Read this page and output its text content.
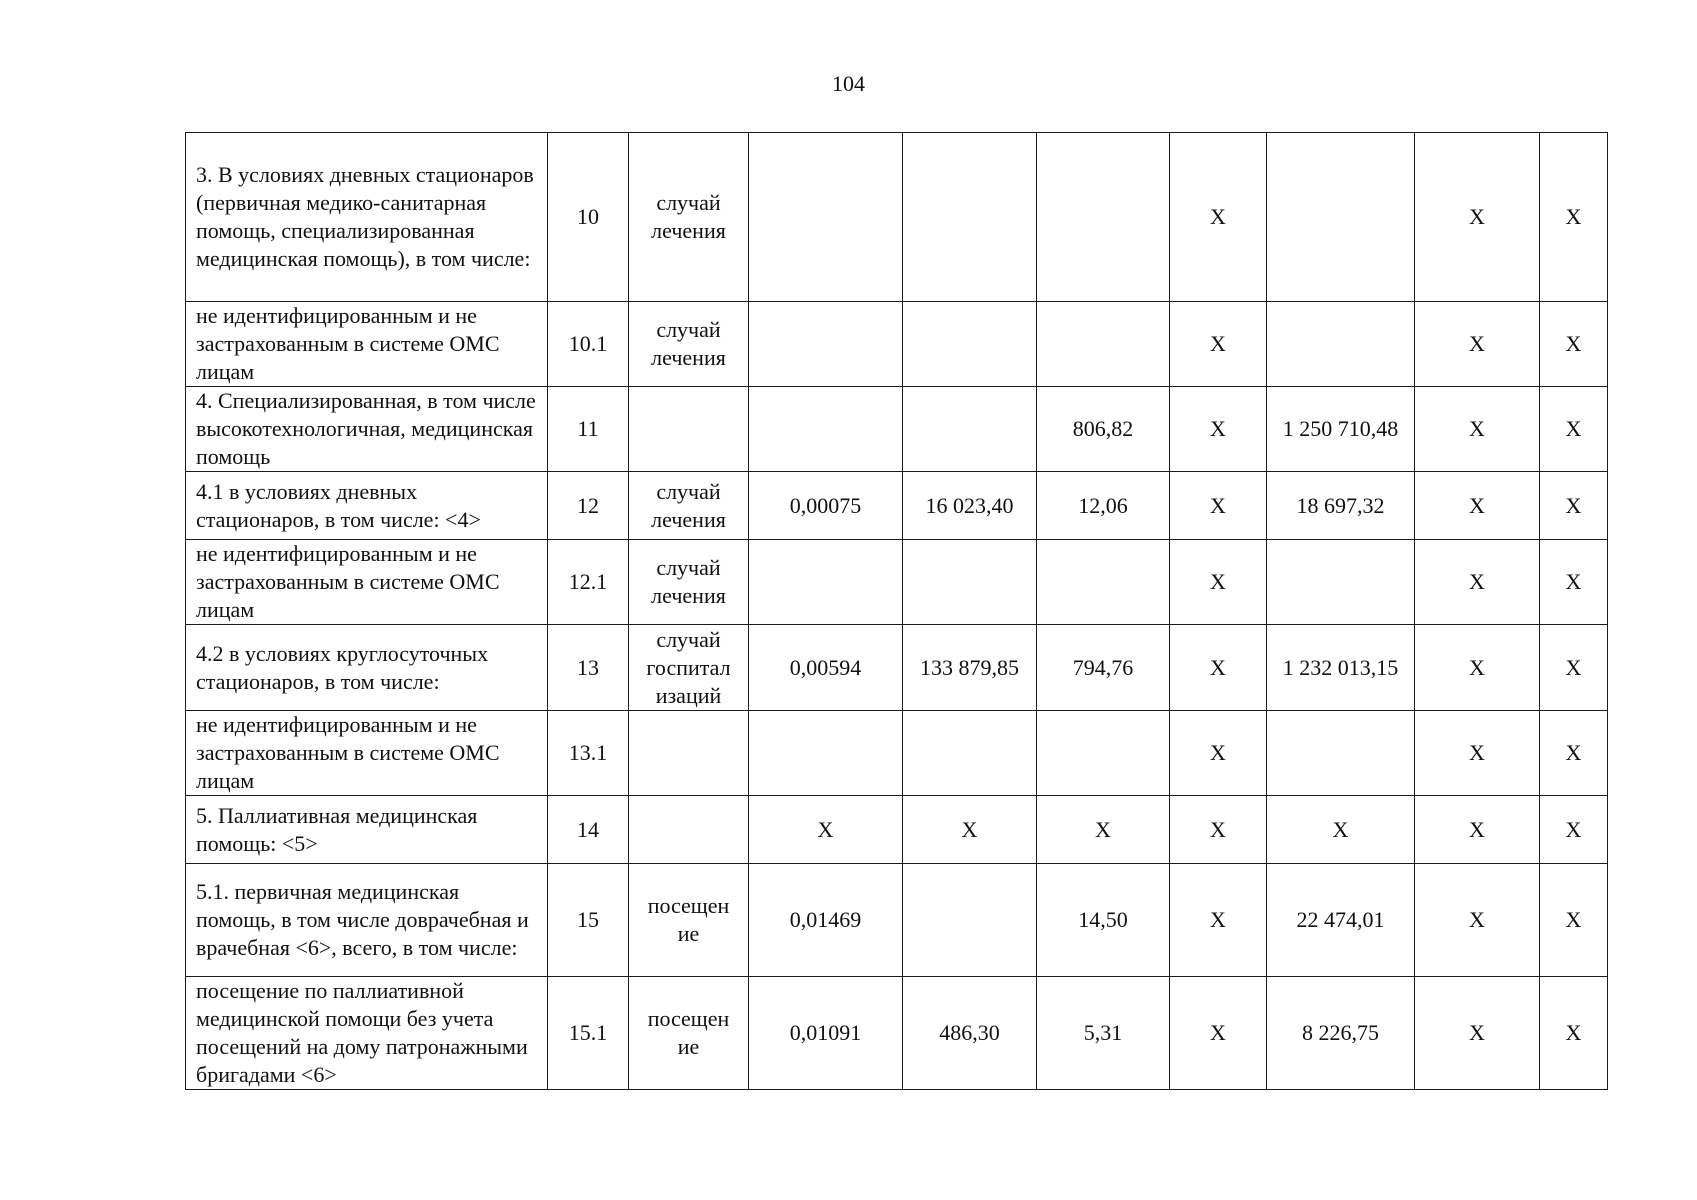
104
3. В условиях дневных стационаров (первичная медико-санитарная помощь, специализированная медицинская помощь), в том числе:	10	случай лечения				X		X	X
не идентифицированным и не застрахованным в системе ОМС лицам	10.1	случай лечения				X		X	X
4. Специализированная, в том числе высокотехнологичная, медицинская помощь	11				806,82	X	1 250 710,48	X	X
4.1 в условиях дневных стационаров, в том числе: <4>	12	случай лечения	0,00075	16 023,40	12,06	X	18 697,32	X	X
не идентифицированным и не застрахованным в системе ОМС лицам	12.1	случай лечения				X		X	X
4.2 в условиях круглосуточных стационаров, в том числе:	13	случай госпитал изаций	0,00594	133 879,85	794,76	X	1 232 013,15	X	X
не идентифицированным и не застрахованным в системе ОМС лицам	13.1					X		X	X
5. Паллиативная медицинская помощь: <5>	14		X	X	X	X	X	X	X
5.1. первичная медицинская помощь, в том числе доврачебная и врачебная <6>, всего, в том числе:	15	посещен ие	0,01469		14,50	X	22 474,01	X	X
посещение по паллиативной медицинской помощи без учета посещений на дому патронажными бригадами <6>	15.1	посещен ие	0,01091	486,30	5,31	X	8 226,75	X	X
